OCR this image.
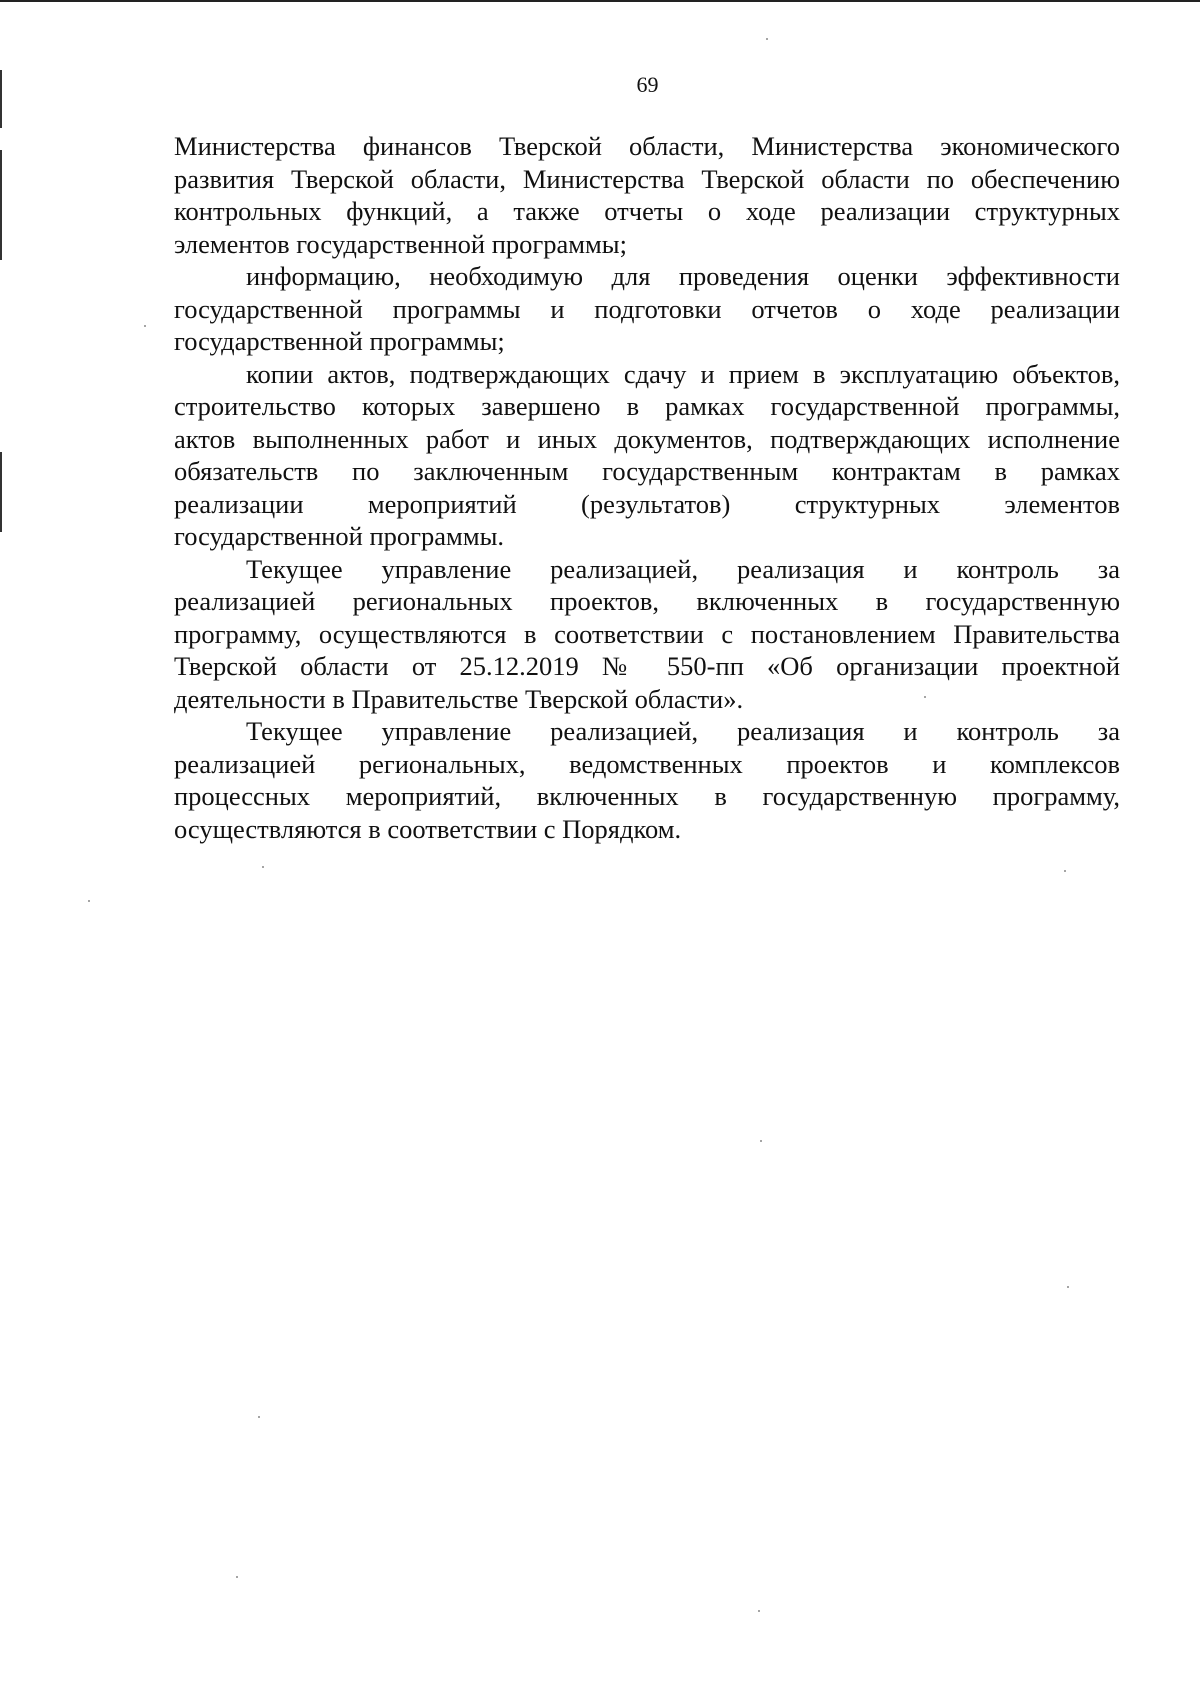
69

Министерства финансов Тверской области, Министерства экономического
развития Тверской области, Министерства Тверской области по обеспечению
контрольных функций, а также отчеты о ходе реализации структурных
элементов государственной программы;

информацию, необходимую для проведения оценки эффективности
государственной программы и подготовки отчетов о ходе реализации
государственной программы;

копии актов, подтверждающих сдачу и прием в эксплуатацию объектов,
строительство которых завершено в рамках государственной программы,
актов выполненных работ и иных документов, подтверждающих исполнение
обязательств по заключенным государственным контрактам в рамках
реализации мероприятий (результатов) структурных элементов
государственной программы.

Текущее управление реализацией, реализация и контроль за
реализацией региональных проектов, включенных в государственную
программу, осуществляются в соответствии с постановлением Правительства
Тверской области от 25.12.2019 № 550-пп «Об организации проектной
деятельности в Правительстве Тверской области».

Текущее управление реализацией, реализация и контроль за
реализацией региональных, ведомственных проектов и комплексов
процессных мероприятий, включенных в государственную программу,
осуществляются в соответствии с Порядком.
